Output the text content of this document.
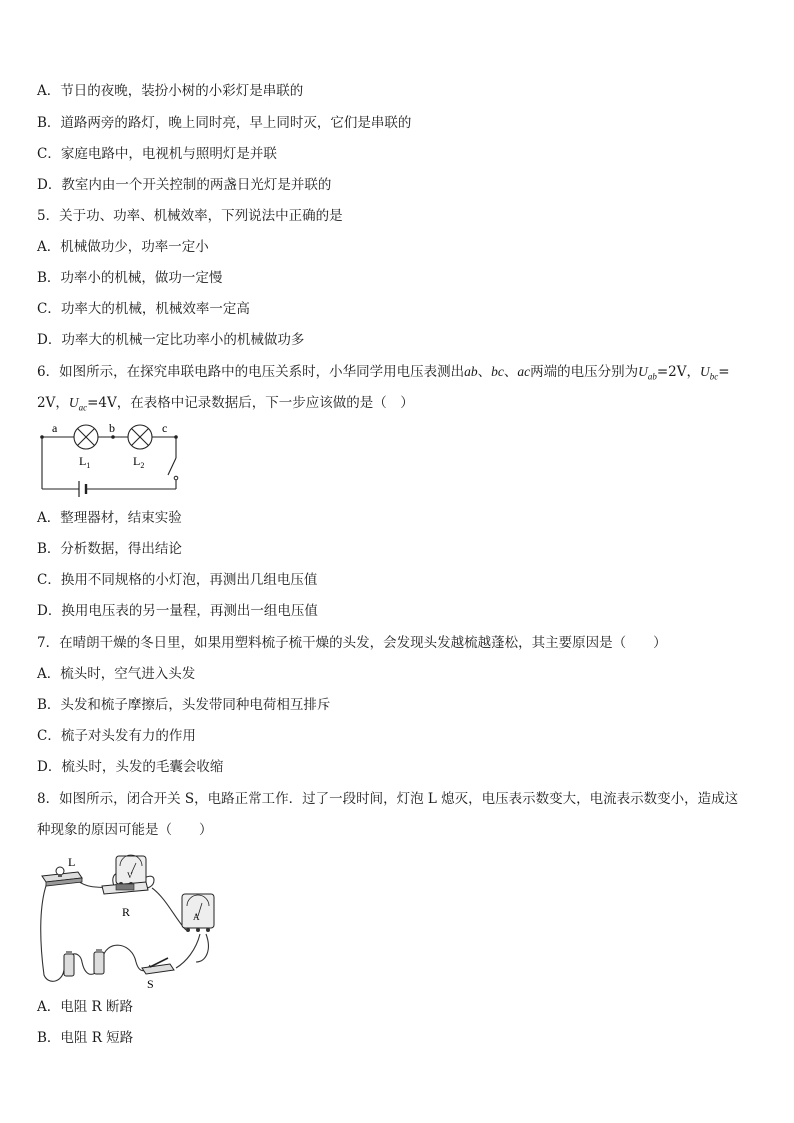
A．节日的夜晚，装扮小树的小彩灯是串联的
B．道路两旁的路灯，晚上同时亮，早上同时灭，它们是串联的
C．家庭电路中，电视机与照明灯是并联
D．教室内由一个开关控制的两盏日光灯是并联的
5．关于功、功率、机械效率，下列说法中正确的是
A．机械做功少，功率一定小
B．功率小的机械，做功一定慢
C．功率大的机械，机械效率一定高
D．功率大的机械一定比功率小的机械做功多
6．如图所示，在探究串联电路中的电压关系时，小华同学用电压表测出ab、bc、ac两端的电压分别为$U_{ab}=2V$，$U_{bc}=$
2V，$U_{ac}=4V$，在表格中记录数据后，下一步应该做的是（　）
a	b	c
$L_1$	$L_2$
A．整理器材，结束实验
B．分析数据，得出结论
C．换用不同规格的小灯泡，再测出几组电压值
D．换用电压表的另一量程，再测出一组电压值
7．在晴朗干燥的冬日里，如果用塑料梳子梳干燥的头发，会发现头发越梳越蓬松，其主要原因是（　　）
A．梳头时，空气进入头发
B．头发和梳子摩擦后，头发带同种电荷相互排斥
C．梳子对头发有力的作用
D．梳头时，头发的毛囊会收缩
8．如图所示，闭合开关 S，电路正常工作．过了一段时间，灯泡 L 熄灭，电压表示数变大，电流表示数变小，造成这
种现象的原因可能是（　　）
V
A
L
R
S
A．电阻 R 断路
B．电阻 R 短路
